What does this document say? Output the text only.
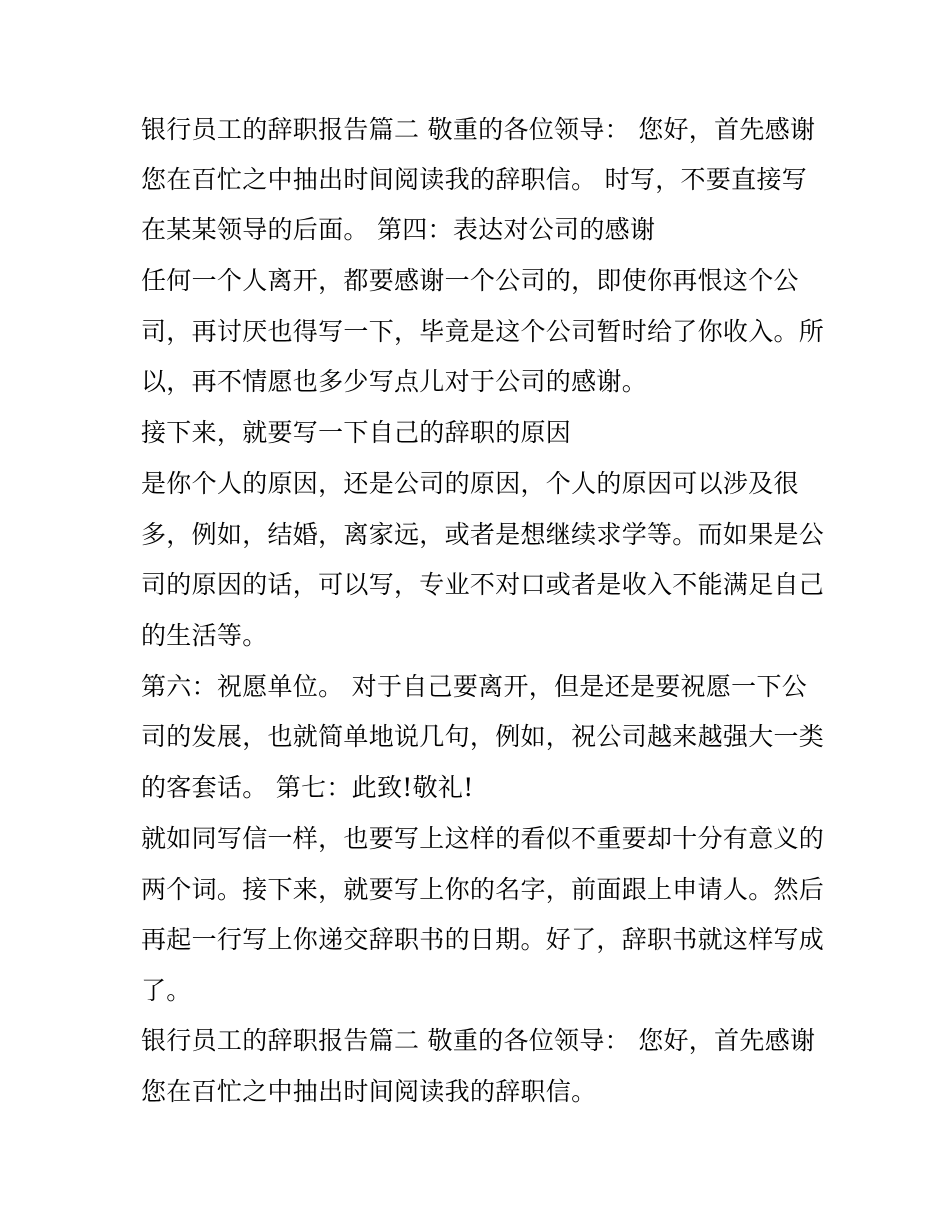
银行员工的辞职报告篇二 敬重的各位领导： 您好，首先感谢
您在百忙之中抽出时间阅读我的辞职信。 时写，不要直接写
在某某领导的后面。 第四：表达对公司的感谢
任何一个人离开，都要感谢一个公司的，即使你再恨这个公
司，再讨厌也得写一下，毕竟是这个公司暂时给了你收入。所
以，再不情愿也多少写点儿对于公司的感谢。
接下来，就要写一下自己的辞职的原因
是你个人的原因，还是公司的原因，个人的原因可以涉及很
多，例如，结婚，离家远，或者是想继续求学等。而如果是公
司的原因的话，可以写，专业不对口或者是收入不能满足自己
的生活等。
第六：祝愿单位。 对于自己要离开，但是还是要祝愿一下公
司的发展，也就简单地说几句，例如，祝公司越来越强大一类
的客套话。 第七：此致!敬礼!
就如同写信一样，也要写上这样的看似不重要却十分有意义的
两个词。接下来，就要写上你的名字，前面跟上申请人。然后
再起一行写上你递交辞职书的日期。好了，辞职书就这样写成
了。
银行员工的辞职报告篇二 敬重的各位领导： 您好，首先感谢
您在百忙之中抽出时间阅读我的辞职信。
